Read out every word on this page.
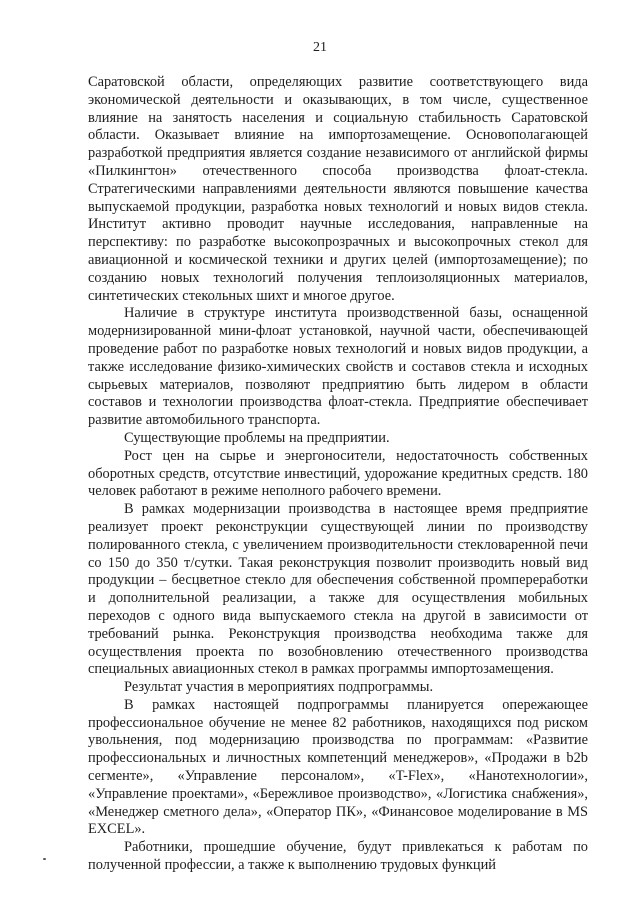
21

Саратовской области, определяющих развитие соответствующего вида экономической деятельности и оказывающих, в том числе, существенное влияние на занятость населения и социальную стабильность Саратовской области. Оказывает влияние на импортозамещение. Основополагающей разработкой предприятия является создание независимого от английской фирмы «Пилкингтон» отечественного способа производства флоат-стекла. Стратегическими направлениями деятельности являются повышение качества выпускаемой продукции, разработка новых технологий и новых видов стекла. Институт активно проводит научные исследования, направленные на перспективу: по разработке высокопрозрачных и высокопрочных стекол для авиационной и космической техники и других целей (импортозамещение); по созданию новых технологий получения теплоизоляционных материалов, синтетических стекольных шихт и многое другое.

Наличие в структуре института производственной базы, оснащенной модернизированной мини-флоат установкой, научной части, обеспечивающей проведение работ по разработке новых технологий и новых видов продукции, а также исследование физико-химических свойств и составов стекла и исходных сырьевых материалов, позволяют предприятию быть лидером в области составов и технологии производства флоат-стекла. Предприятие обеспечивает развитие автомобильного транспорта.

Существующие проблемы на предприятии.

Рост цен на сырье и энергоносители, недостаточность собственных оборотных средств, отсутствие инвестиций, удорожание кредитных средств. 180 человек работают в режиме неполного рабочего времени.

В рамках модернизации производства в настоящее время предприятие реализует проект реконструкции существующей линии по производству полированного стекла, с увеличением производительности стекловаренной печи со 150 до 350 т/сутки. Такая реконструкция позволит производить новый вид продукции – бесцветное стекло для обеспечения собственной промпереработки и дополнительной реализации, а также для осуществления мобильных переходов с одного вида выпускаемого стекла на другой в зависимости от требований рынка. Реконструкция производства необходима также для осуществления проекта по возобновлению отечественного производства специальных авиационных стекол в рамках программы импортозамещения.

Результат участия в мероприятиях подпрограммы.

В рамках настоящей подпрограммы планируется опережающее профессиональное обучение не менее 82 работников, находящихся под риском увольнения, под модернизацию производства по программам: «Развитие профессиональных и личностных компетенций менеджеров», «Продажи в b2b сегменте», «Управление персоналом», «T-Flex», «Нанотехнологии», «Управление проектами», «Бережливое производство», «Логистика снабжения», «Менеджер сметного дела», «Оператор ПК», «Финансовое моделирование в MS EXCEL».

Работники, прошедшие обучение, будут привлекаться к работам по полученной профессии, а также к выполнению трудовых функций
